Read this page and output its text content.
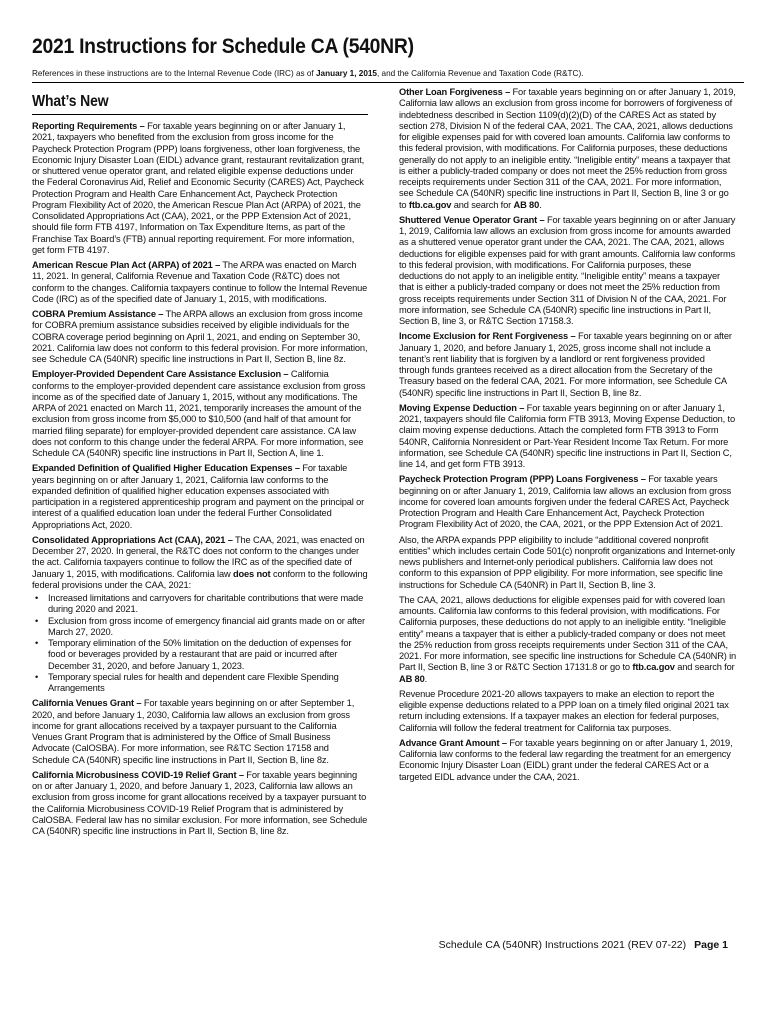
2021 Instructions for Schedule CA (540NR)
References in these instructions are to the Internal Revenue Code (IRC) as of January 1, 2015, and the California Revenue and Taxation Code (R&TC).
What’s New

Reporting Requirements – For taxable years beginning on or after January 1, 2021, taxpayers who benefited from the exclusion from gross income for the Paycheck Protection Program (PPP) loans forgiveness, other loan forgiveness, the Economic Injury Disaster Loan (EIDL) advance grant, restaurant revitalization grant, or shuttered venue operator grant, and related eligible expense deductions under the Federal Coronavirus Aid, Relief and Economic Security (CARES) Act, Paycheck Protection Program and Health Care Enhancement Act, Paycheck Protection Program Flexibility Act of 2020, the American Rescue Plan Act (ARPA) of 2021, the Consolidated Appropriations Act (CAA), 2021, or the PPP Extension Act of 2021, should file form FTB 4197, Information on Tax Expenditure Items, as part of the Franchise Tax Board’s (FTB) annual reporting requirement. For more information, get form FTB 4197.

American Rescue Plan Act (ARPA) of 2021 – The ARPA was enacted on March 11, 2021. In general, California Revenue and Taxation Code (R&TC) does not conform to the changes. California taxpayers continue to follow the Internal Revenue Code (IRC) as of the specified date of January 1, 2015, with modifications.

COBRA Premium Assistance – The ARPA allows an exclusion from gross income for COBRA premium assistance subsidies received by eligible individuals for the COBRA coverage period beginning on April 1, 2021, and ending on September 30, 2021. California law does not conform to this federal provision. For more information, see Schedule CA (540NR) specific line instructions in Part II, Section B, line 8z.

Employer-Provided Dependent Care Assistance Exclusion – California conforms to the employer-provided dependent care assistance exclusion from gross income as of the specified date of January 1, 2015, without any modifications. The ARPA of 2021 enacted on March 11, 2021, temporarily increases the amount of the exclusion from gross income from $5,000 to $10,500 (and half of that amount for married filing separate) for employer-provided dependent care assistance. CA law does not conform to this change under the federal ARPA. For more information, see Schedule CA (540NR) specific line instructions in Part II, Section A, line 1.

Expanded Definition of Qualified Higher Education Expenses – For taxable years beginning on or after January 1, 2021, California law conforms to the expanded definition of qualified higher education expenses associated with participation in a registered apprenticeship program and payment on the principal or interest of a qualified education loan under the federal Further Consolidated Appropriations Act, 2020.

Consolidated Appropriations Act (CAA), 2021 – The CAA, 2021, was enacted on December 27, 2020. In general, the R&TC does not conform to the changes under the act. California taxpayers continue to follow the IRC as of the specified date of January 1, 2015, with modifications. California law does not conform to the following federal provisions under the CAA, 2021:

• Increased limitations and carryovers for charitable contributions that were made during 2020 and 2021.
• Exclusion from gross income of emergency financial aid grants made on or after March 27, 2020.
• Temporary elimination of the 50% limitation on the deduction of expenses for food or beverages provided by a restaurant that are paid or incurred after December 31, 2020, and before January 1, 2023.
• Temporary special rules for health and dependent care Flexible Spending Arrangements

California Venues Grant – For taxable years beginning on or after September 1, 2020, and before January 1, 2030, California law allows an exclusion from gross income for grant allocations received by a taxpayer pursuant to the California Venues Grant Program that is administered by the Office of Small Business Advocate (CalOSBA). For more information, see R&TC Section 17158 and Schedule CA (540NR) specific line instructions in Part II, Section B, line 8z.

California Microbusiness COVID-19 Relief Grant – For taxable years beginning on or after January 1, 2020, and before January 1, 2023, California law allows an exclusion from gross income for grant allocations received by a taxpayer pursuant to the California Microbusiness COVID-19 Relief Program that is administered by CalOSBA. Federal law has no similar exclusion. For more information, see Schedule CA (540NR) specific line instructions in Part II, Section B, line 8z.

Other Loan Forgiveness – For taxable years beginning on or after January 1, 2019, California law allows an exclusion from gross income for borrowers of forgiveness of indebtedness described in Section 1109(d)(2)(D) of the CARES Act as stated by section 278, Division N of the federal CAA, 2021. The CAA, 2021, allows deductions for eligible expenses paid for with covered loan amounts. California law conforms to this federal provision, with modifications. For California purposes, these deductions generally do not apply to an ineligible entity. “Ineligible entity” means a taxpayer that is either a publicly-traded company or does not meet the 25% reduction from gross receipts requirements under Section 311 of the CAA, 2021. For more information, see Schedule CA (540NR) specific line instructions in Part II, Section B, line 3 or go to ftb.ca.gov and search for AB 80.

Shuttered Venue Operator Grant – For taxable years beginning on or after January 1, 2019, California law allows an exclusion from gross income for amounts awarded as a shuttered venue operator grant under the CAA, 2021. The CAA, 2021, allows deductions for eligible expenses paid for with grant amounts. California law conforms to this federal provision, with modifications. For California purposes, these deductions do not apply to an ineligible entity. “Ineligible entity” means a taxpayer that is either a publicly-traded company or does not meet the 25% reduction from gross receipts requirements under Section 311 of Division N of the CAA, 2021. For more information, see Schedule CA (540NR) specific line instructions in Part II, Section B, line 3, or R&TC Section 17158.3.

Income Exclusion for Rent Forgiveness – For taxable years beginning on or after January 1, 2020, and before January 1, 2025, gross income shall not include a tenant’s rent liability that is forgiven by a landlord or rent forgiveness provided through funds grantees received as a direct allocation from the Secretary of the Treasury based on the federal CAA, 2021. For more information, see Schedule CA (540NR) specific line instructions in Part II, Section B, line 8z.

Moving Expense Deduction – For taxable years beginning on or after January 1, 2021, taxpayers should file California form FTB 3913, Moving Expense Deduction, to claim moving expense deductions. Attach the completed form FTB 3913 to Form 540NR, California Nonresident or Part-Year Resident Income Tax Return. For more information, see Schedule CA (540NR) specific line instructions in Part II, Section C, line 14, and get form FTB 3913.

Paycheck Protection Program (PPP) Loans Forgiveness – For taxable years beginning on or after January 1, 2019, California law allows an exclusion from gross income for covered loan amounts forgiven under the federal CARES Act, Paycheck Protection Program and Health Care Enhancement Act, Paycheck Protection Program Flexibility Act of 2020, the CAA, 2021, or the PPP Extension Act of 2021.

Also, the ARPA expands PPP eligibility to include “additional covered nonprofit entities” which includes certain Code 501(c) nonprofit organizations and Internet-only news publishers and Internet-only periodical publishers. California law does not conform to this expansion of PPP eligibility. For more information, see specific line instructions for Schedule CA (540NR) in Part II, Section B, line 3.

The CAA, 2021, allows deductions for eligible expenses paid for with covered loan amounts. California law conforms to this federal provision, with modifications. For California purposes, these deductions do not apply to an ineligible entity. “Ineligible entity” means a taxpayer that is either a publicly-traded company or does not meet the 25% reduction from gross receipts requirements under Section 311 of the CAA, 2021. For more information, see specific line instructions for Schedule CA (540NR) in Part II, Section B, line 3 or R&TC Section 17131.8 or go to ftb.ca.gov and search for AB 80.

Revenue Procedure 2021-20 allows taxpayers to make an election to report the eligible expense deductions related to a PPP loan on a timely filed original 2021 tax return including extensions. If a taxpayer makes an election for federal purposes, California will follow the federal treatment for California tax purposes.

Advance Grant Amount – For taxable years beginning on or after January 1, 2019, California law conforms to the federal law regarding the treatment for an emergency Economic Injury Disaster Loan (EIDL) grant under the federal CARES Act or a targeted EIDL advance under the CAA, 2021.

Schedule CA (540NR) Instructions 2021 (REV 07-22) Page 1
